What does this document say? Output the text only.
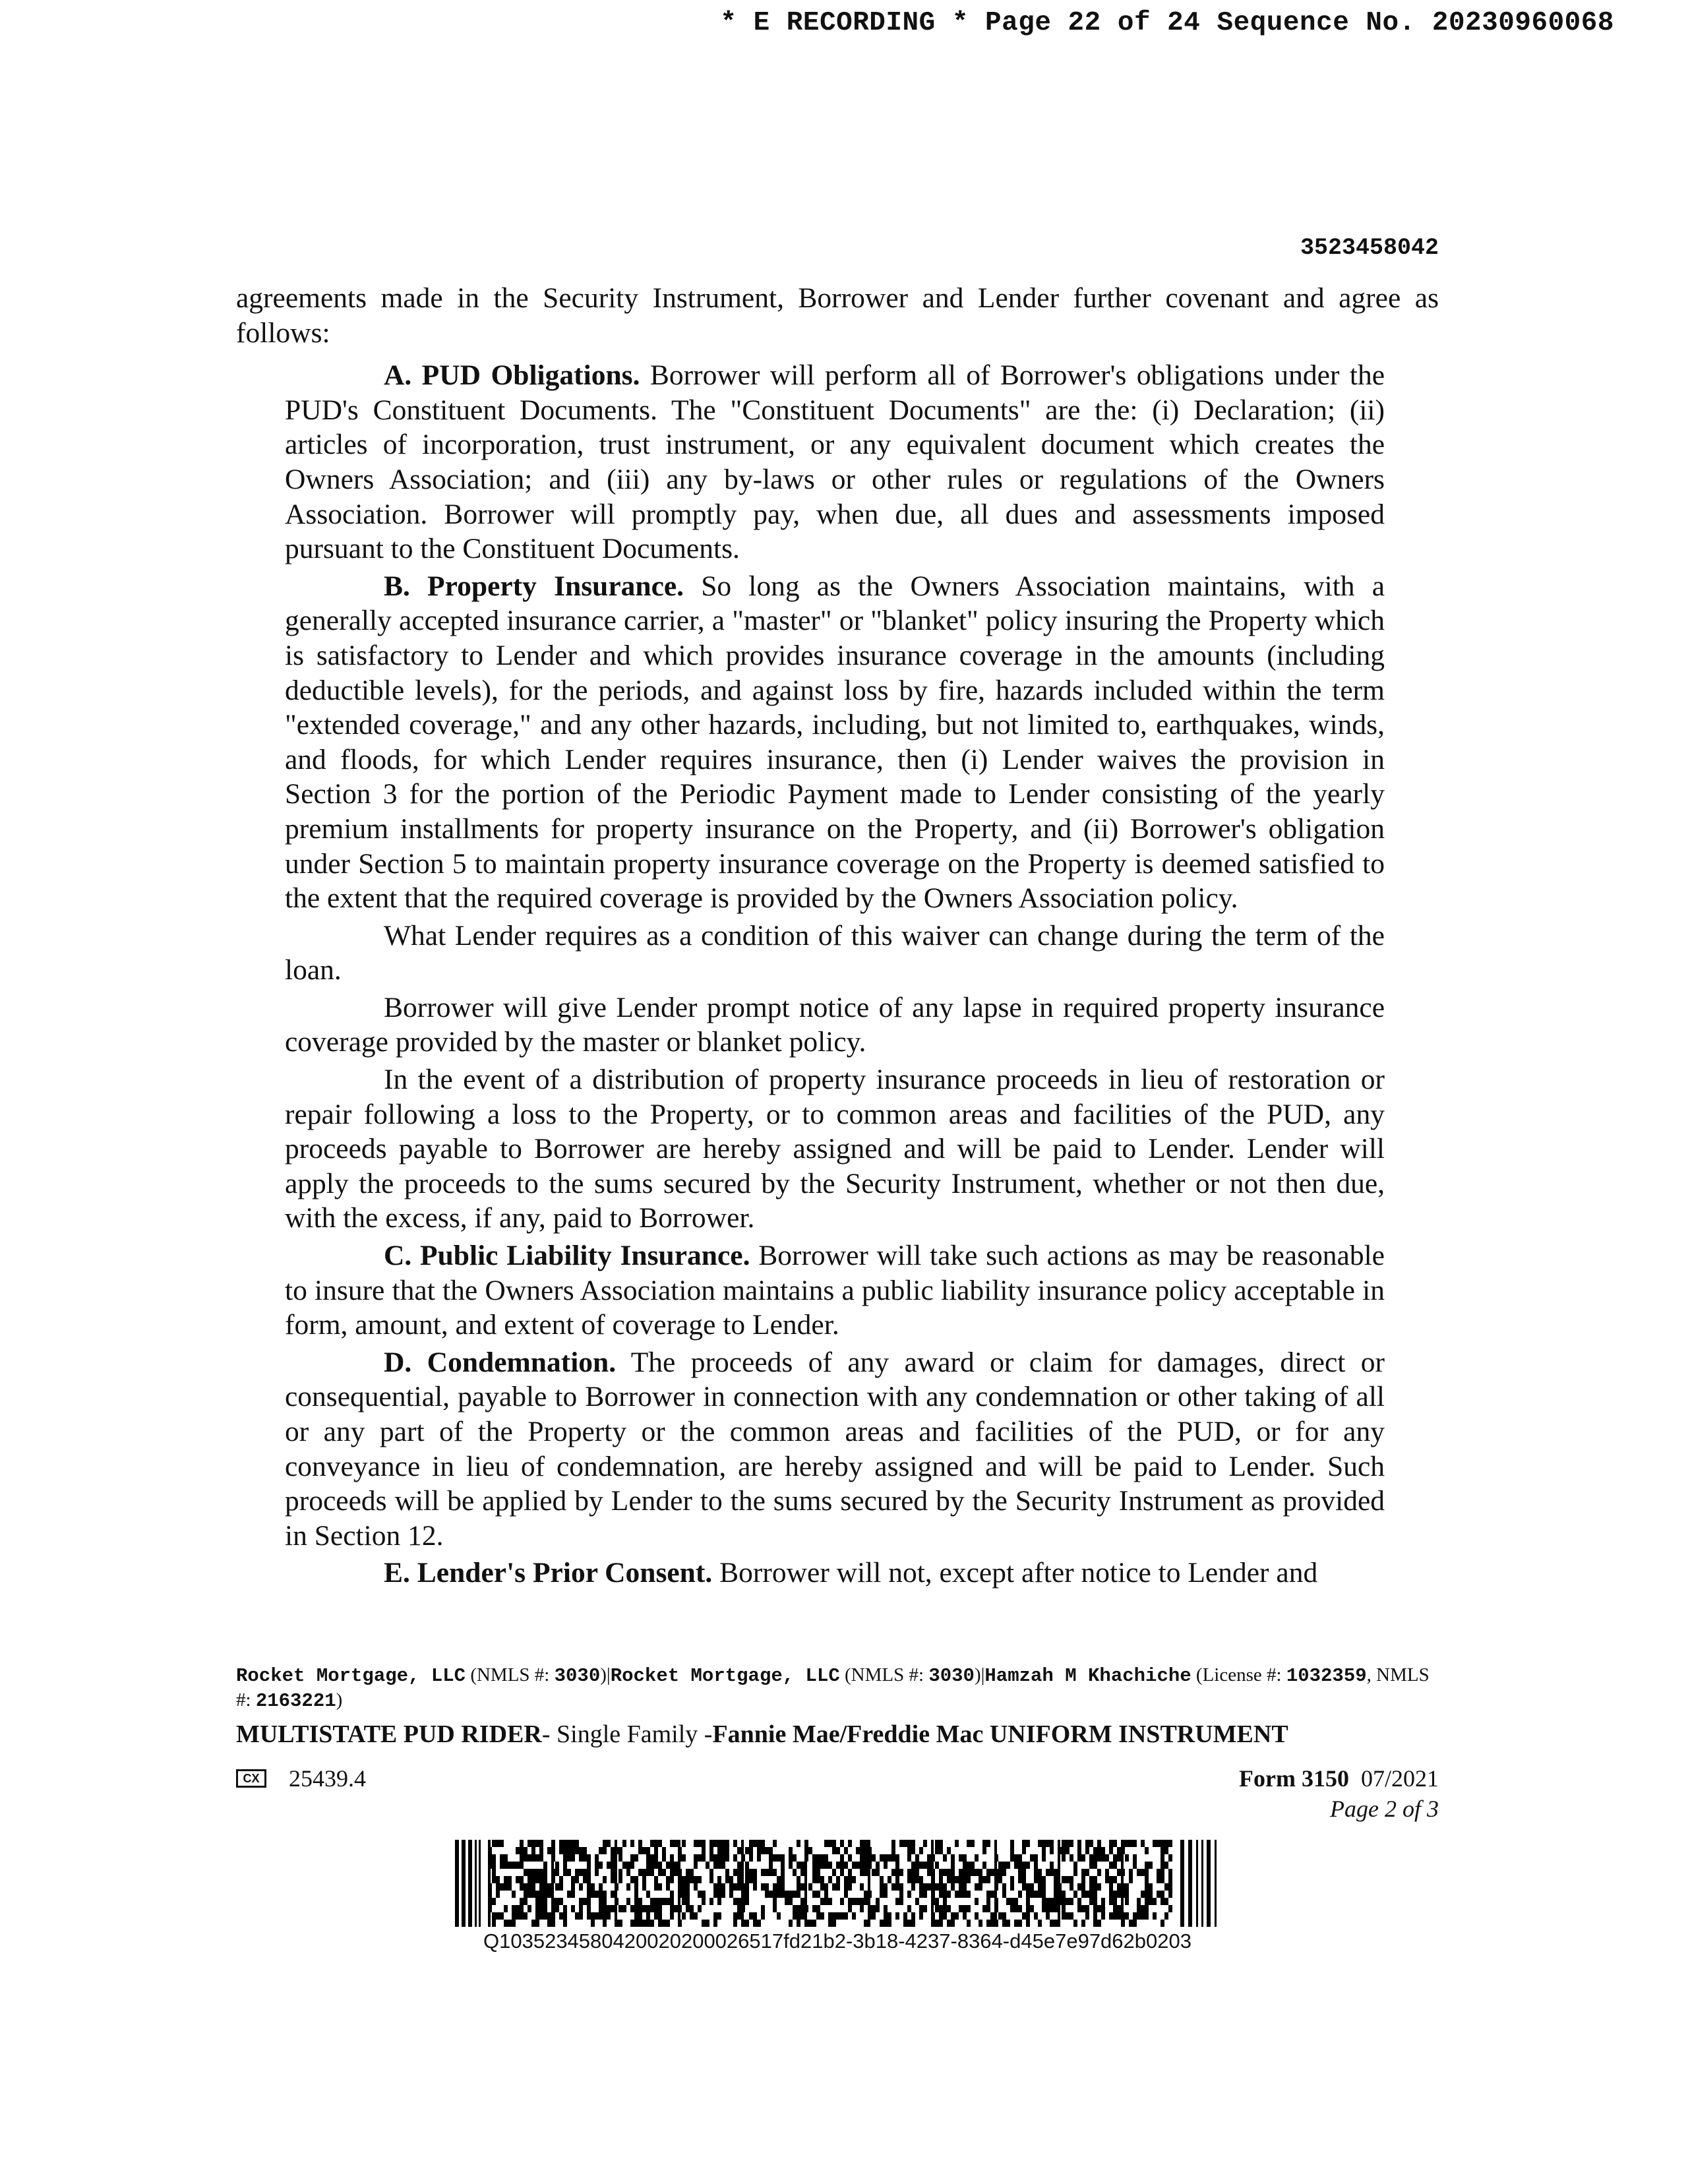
* E RECORDING * Page 22 of 24 Sequence No. 20230960068
3523458042

agreements made in the Security Instrument, Borrower and Lender further covenant and agree as follows:

A. PUD Obligations. Borrower will perform all of Borrower's obligations under the PUD's Constituent Documents. The "Constituent Documents" are the: (i) Declaration; (ii) articles of incorporation, trust instrument, or any equivalent document which creates the Owners Association; and (iii) any by-laws or other rules or regulations of the Owners Association. Borrower will promptly pay, when due, all dues and assessments imposed pursuant to the Constituent Documents.

B. Property Insurance. So long as the Owners Association maintains, with a generally accepted insurance carrier, a "master" or "blanket" policy insuring the Property which is satisfactory to Lender and which provides insurance coverage in the amounts (including deductible levels), for the periods, and against loss by fire, hazards included within the term "extended coverage," and any other hazards, including, but not limited to, earthquakes, winds, and floods, for which Lender requires insurance, then (i) Lender waives the provision in Section 3 for the portion of the Periodic Payment made to Lender consisting of the yearly premium installments for property insurance on the Property, and (ii) Borrower's obligation under Section 5 to maintain property insurance coverage on the Property is deemed satisfied to the extent that the required coverage is provided by the Owners Association policy.

What Lender requires as a condition of this waiver can change during the term of the loan.

Borrower will give Lender prompt notice of any lapse in required property insurance coverage provided by the master or blanket policy.

In the event of a distribution of property insurance proceeds in lieu of restoration or repair following a loss to the Property, or to common areas and facilities of the PUD, any proceeds payable to Borrower are hereby assigned and will be paid to Lender. Lender will apply the proceeds to the sums secured by the Security Instrument, whether or not then due, with the excess, if any, paid to Borrower.

C. Public Liability Insurance. Borrower will take such actions as may be reasonable to insure that the Owners Association maintains a public liability insurance policy acceptable in form, amount, and extent of coverage to Lender.

D. Condemnation. The proceeds of any award or claim for damages, direct or consequential, payable to Borrower in connection with any condemnation or other taking of all or any part of the Property or the common areas and facilities of the PUD, or for any conveyance in lieu of condemnation, are hereby assigned and will be paid to Lender. Such proceeds will be applied by Lender to the sums secured by the Security Instrument as provided in Section 12.

E. Lender's Prior Consent. Borrower will not, except after notice to Lender and

Rocket Mortgage, LLC (NMLS #: 3030)|Rocket Mortgage, LLC (NMLS #: 3030)|Hamzah M Khachiche (License #: 1032359, NMLS #: 2163221)
MULTISTATE PUD RIDER- Single Family -Fannie Mae/Freddie Mac UNIFORM INSTRUMENT
CX 25439.4	Form 3150 07/2021
Page 2 of 3
Q1035234580420020200026517fd21b2-3b18-4237-8364-d45e7e97d62b0203
